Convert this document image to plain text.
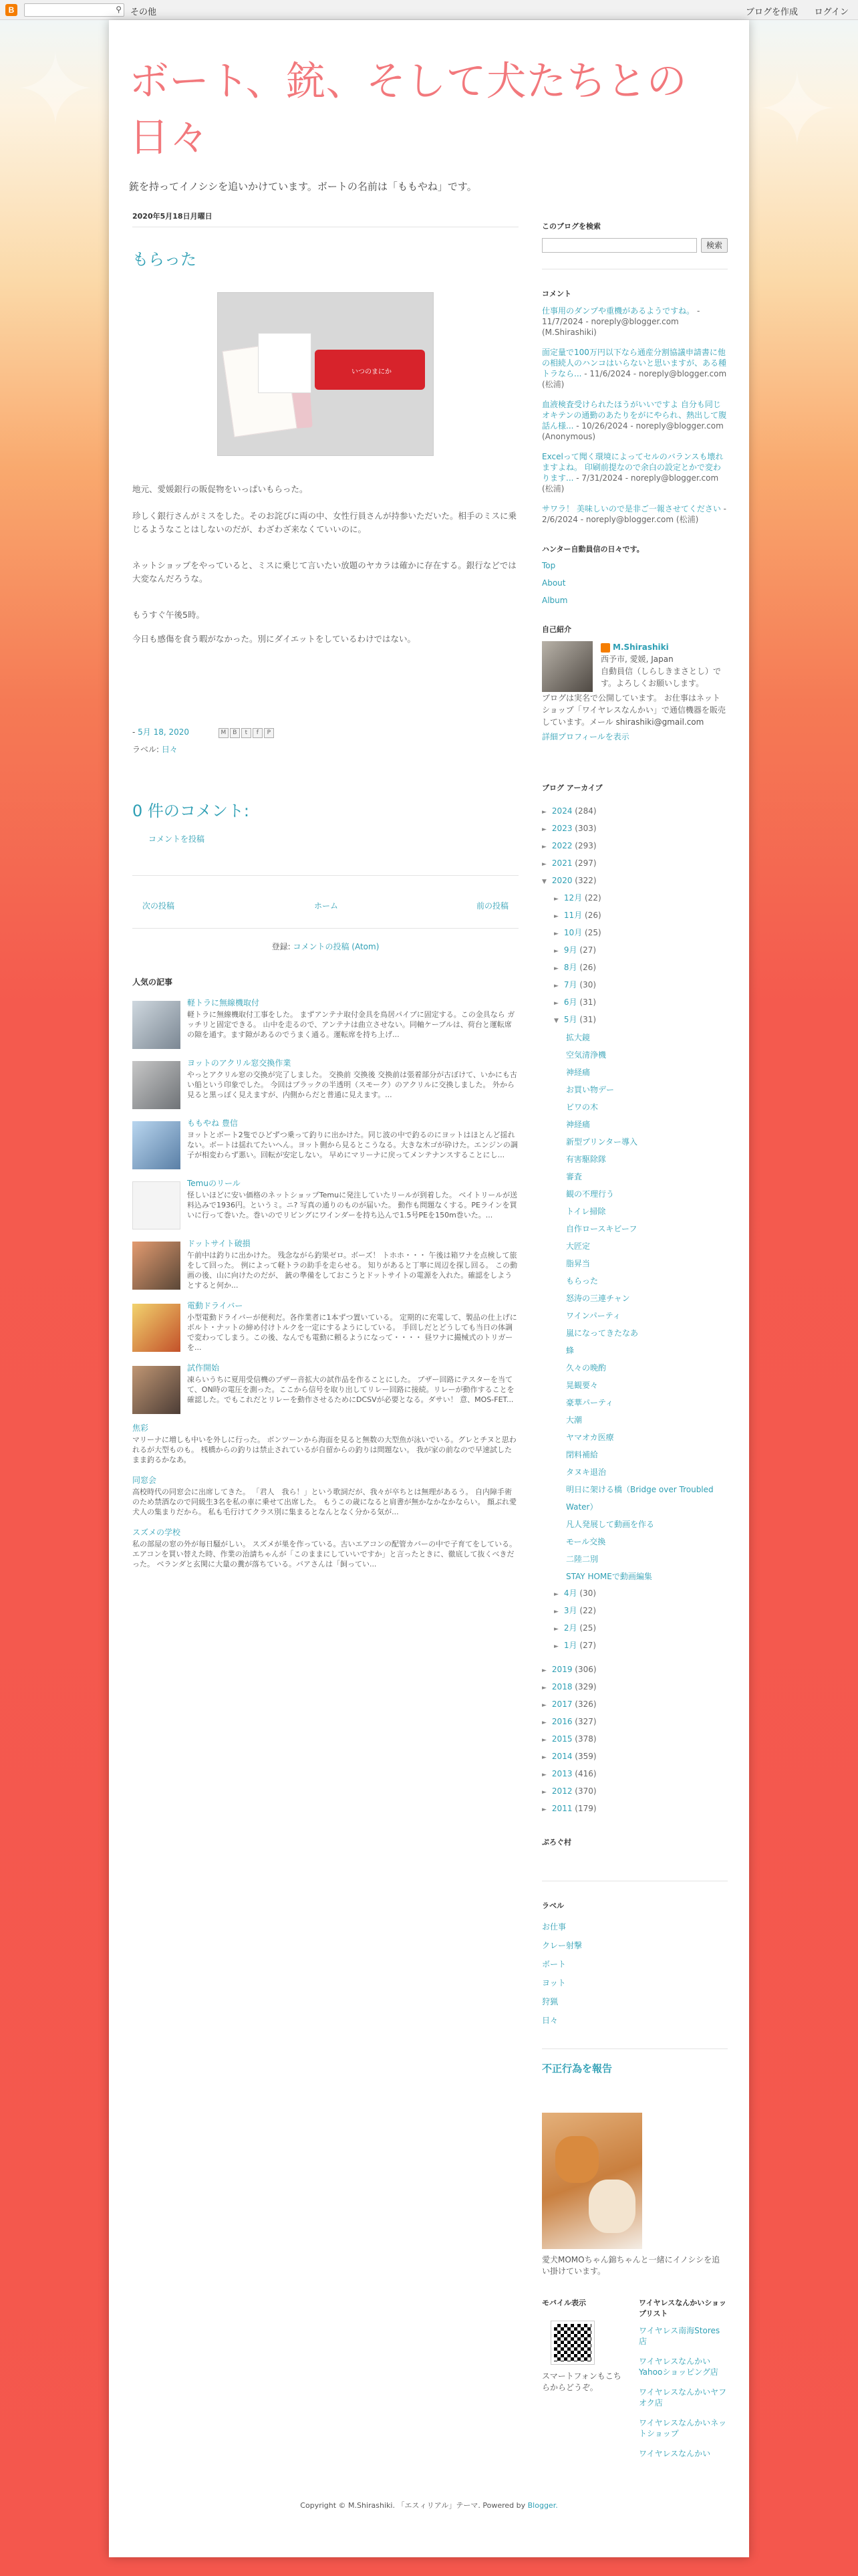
B	⚲ その他	ブログを作成 ログイン
✦	✦
ボート、銃、そして犬たちとの日々
銃を持ってイノシシを追いかけています。ボートの名前は「ももやね」です。
2020年5月18日月曜日
もらった
いつのまにか

地元、愛媛銀行の販促物をいっぱいもらった。

珍しく銀行さんがミスをした。そのお詫びに両の中、女性行員さんが持参いただいた。相手のミスに乗じるようなことはしないのだが、わざわざ来なくていいのに。

ネットショップをやっていると、ミスに乗じて言いたい放題のヤカラは確かに存在する。銀行などでは大変なんだろうな。

もうすぐ午後5時。

今日も感傷を食う暇がなかった。別にダイエットをしているわけではない。

- 5月 18, 2020	M B t f P
ラベル: 日々
0 件のコメント:
コメントを投稿
次の投稿	ホーム	前の投稿
登録: コメントの投稿 (Atom)
人気の記事
軽トラに無線機取付

軽トラに無線機取付工事をした。 まずアンテナ取付金具を鳥居パイプに固定する。この金具なら ガッチリと固定できる。 山中を走るので、アンテナは曲立させない。同軸ケーブルは、荷台と運転席の隙を通す。ます隙があるのでうまく通る。運転席を持ち上げ...

ヨットのアクリル窓交換作業

やっとアクリル窓の交換が完了しました。 交換前 交換後 交換前は張着部分が古ぼけて、いかにも古い船という印象でした。 今回はブラックの半透明（スモーク）のアクリルに交換しました。 外から見ると黒っぽく見えますが、内側からだと普通に見えます。...

ももやね 豊信

ヨットとボート2隻でひどずつ乗って釣りに出かけた。同じ波の中で釣るのにヨットはほとんど揺れない。ボートは揺れてたいへん。ヨット側から見るとこうなる。大きな木ゴが砕けた。エンジンの調子が相変わらず悪い。回転が安定しない。 早めにマリーナに戻ってメンテナンスすることにし...

Temuのリール

怪しいほどに安い価格のネットショップTemuに発注していたリールが到着した。 ベイトリールが送料込みで1936円。というミ。ニ? 写真の通りのものが届いた。 動作も問題なくする。PEラインを買いに行って巻いた。巻いのでリビングにワインダーを持ち込んで1.5号PEを150m巻いた。...

ドットサイト破損

午前中は釣りに出かけた。 残念ながら釣果ゼロ。ボーズ！ トホホ・・・ 午後は箱ワナを点検して旅をして回った。 例によって軽トラの助手を走らせる。 知りがあると丁寧に周辺を探し回る。 この動画の後、山に向けたのだが、 銃の準備をしておこうとドットサイトの電源を入れた。確認をしようとすると何か...

電動ドライバー

小型電動ドライバーが便利だ。各作業者に1本ずつ置いている。 定期的に充電して、製品の仕上げにボルト・ナットの締め付けトルクを一定にするようにしている。 手回しだとどうしても当日の体調で変わってしまう。この後、なんでも電動に頼るようになって・・・・ 昼ワナに撮械式のトリガーを...

試作開始

凍らいうちに夏用受信機のブザー音拡大の試作品を作ることにした。 ブザー回路にテスターを当てて、ON時の電圧を測った。ここから信号を取り出してリレー回路に接続。リレーが動作することを確認した。でもこれだとリレーを動作させるためにDCSVが必要となる。ダサい！ 意、MOS-FET...

焦彩

マリーナに増しも中いを外しに行った。 ボンツーンから海面を見ると無数の大型魚が泳いでいる。グレとチヌと思われるが大型ものも。 桟橋からの釣りは禁止されているが自留からの釣りは問題ない。 我が家の前なので早速試したまま釣るかなあ。

同窓会

高校時代の同窓会に出席してきた。 「君人　我ら！」という歌詞だが、我々が卒ちとは無理があるう。 自内障手術のため禁酒なので同級生3名を私の車に乗せて出席した。 もうこの歳になると肩書が無かなかなかならい。 顔ぶれ愛犬人の集まりだから。 私も毛行けてクラス別に集まるとなんとなく分かる気が...

スズメの学校

私の部屋の窓の外が毎日騒がしい。 スズメが巣を作っている。古いエアコンの配管カバーの中で子育てをしている。エアコンを買い替えた時、作業の治請ちゃんが「このままにしていいですか」と言ったときに、徹底して抜くべきだった。 ベランダと玄関に大量の糞が落ちている。バアさんは「飼ってい...

このブログを検索
検索
コメント
仕事用のダンプや重機があるようですね。 - 11/7/2024 - noreply@blogger.com (M.Shirashiki)
面定量で100万円以下なら通産分割協議申請書に他の相続人のハンコはいらないと思いますが、ある種トラなら... - 11/6/2024 - noreply@blogger.com (松浦)
血液検査受けられたほうがいいですよ 自分も同じオキテンの通勤のあたりをがにやられ、熱出して腹話ん様... - 10/26/2024 - noreply@blogger.com (Anonymous)
Excelって聞く環境によってセルのバランスも壊れますよね。 印刷前提なので余白の設定とかで変わります... - 7/31/2024 - noreply@blogger.com (松浦)
サワラ！ 美味しいので是非ご一報させてください - 2/6/2024 - noreply@blogger.com (松浦)
ハンター自動員信の日々です。
Top
About
Album
自己紹介
M.Shirashiki
西予市, 愛媛, Japan
自動員信（しらしきまさとし）です。よろしくお願いします。
ブログは実名で公開しています。 お仕事はネットショップ「ワイヤレスなんかい」で通信機器を販売しています。メール shirashiki@gmail.com
詳細プロフィールを表示
ブログ アーカイブ
► 2024 (284)
► 2023 (303)
► 2022 (293)
► 2021 (297)
▼ 2020 (322)
► 12月 (22)
► 11月 (26)
► 10月 (25)
► 9月 (27)
► 8月 (26)
► 7月 (30)
► 6月 (31)
▼ 5月 (31)
拡大鏡
空気清浄機
神経痛
お買い物デー
ビワの木
神経痛
新型プリンター導入
有害駆除隊
審査
観の不理行う
トイレ掃除
自作ロースキビーフ
大匠定
脂昇当
もらった
怒涛の三連チャン
ワインパーティ
嵐になってきたなあ
蜂
久々の晩酌
晃観要々
豪華パーティ
大潮
ヤマオカ医療
閉料補給
タヌキ退治
明日に架ける橋（Bridge over Troubled Water）
凡人発展して動画を作る
モール交換
二陸二別
STAY HOMEで動画編集
► 4月 (30)
► 3月 (22)
► 2月 (25)
► 1月 (27)
► 2019 (306)
► 2018 (329)
► 2017 (326)
► 2016 (327)
► 2015 (378)
► 2014 (359)
► 2013 (416)
► 2012 (370)
► 2011 (179)
ぷろぐ村
ラベル
お仕事
クレー射撃
ボート
ヨット
狩猟
日々
不正行為を報告
愛犬MOMOちゃん錦ちゃんと一緒にイノシシを追い掛けています。
モバイル表示
スマートフォンもこちらからどうぞ。
ワイヤレスなんかいショップリスト
ワイヤレス南海Stores店
ワイヤレスなんかいYahooショッピング店
ワイヤレスなんかいヤフオク店
ワイヤレスなんかいネットショップ
ワイヤレスなんかい
Copyright © M.Shirashiki. 「エスィリアル」テーマ. Powered by Blogger.
